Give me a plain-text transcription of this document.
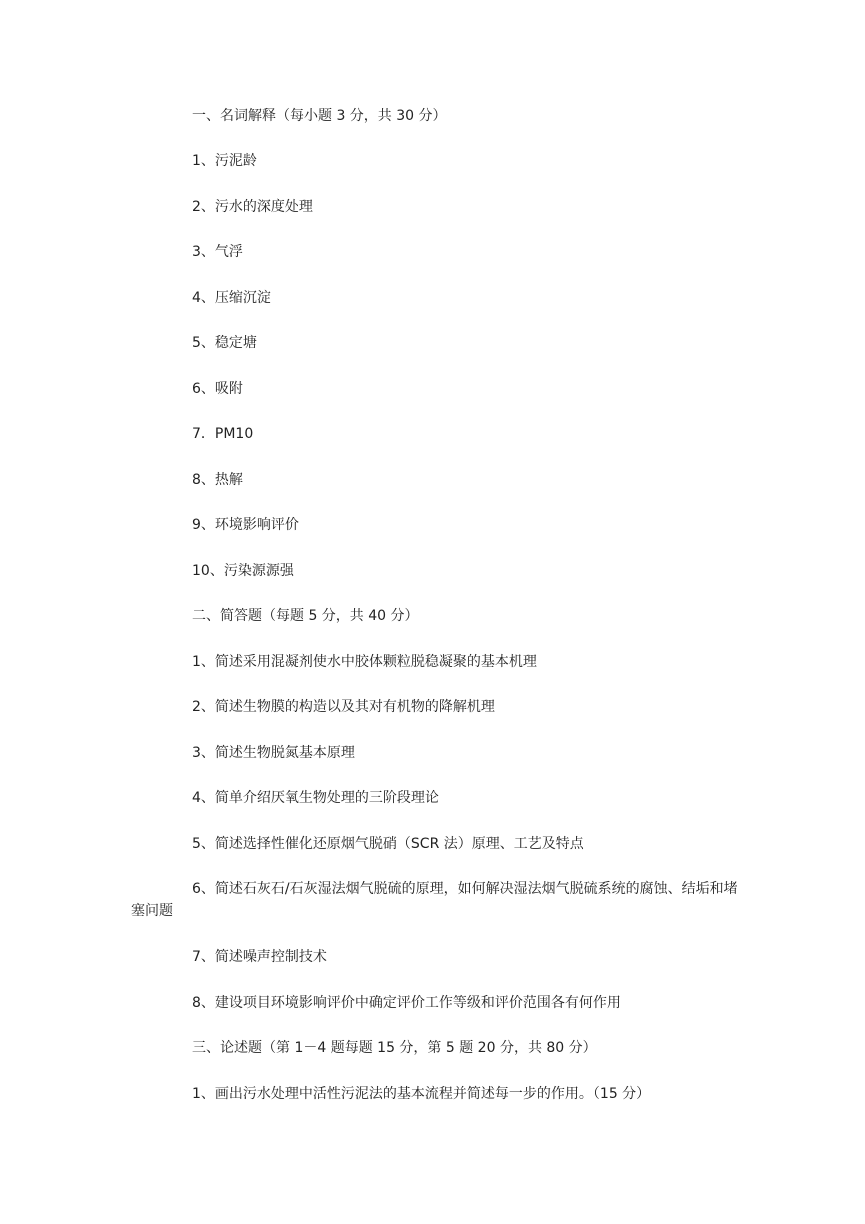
一、名词解释（每小题 3 分，共 30 分）
1、污泥龄
2、污水的深度处理
3、气浮
4、压缩沉淀
5、稳定塘
6、吸附
7．PM10
8、热解
9、环境影响评价
10、污染源源强
二、简答题（每题 5 分，共 40 分）
1、简述采用混凝剂使水中胶体颗粒脱稳凝聚的基本机理
2、简述生物膜的构造以及其对有机物的降解机理
3、简述生物脱氮基本原理
4、简单介绍厌氧生物处理的三阶段理论
5、简述选择性催化还原烟气脱硝（SCR 法）原理、工艺及特点
6、简述石灰石/石灰湿法烟气脱硫的原理，如何解决湿法烟气脱硫系统的腐蚀、结垢和堵塞问题
7、简述噪声控制技术
8、建设项目环境影响评价中确定评价工作等级和评价范围各有何作用
三、论述题（第 1－4 题每题 15 分，第 5 题 20 分，共 80 分）
1、画出污水处理中活性污泥法的基本流程并简述每一步的作用。（15 分）
